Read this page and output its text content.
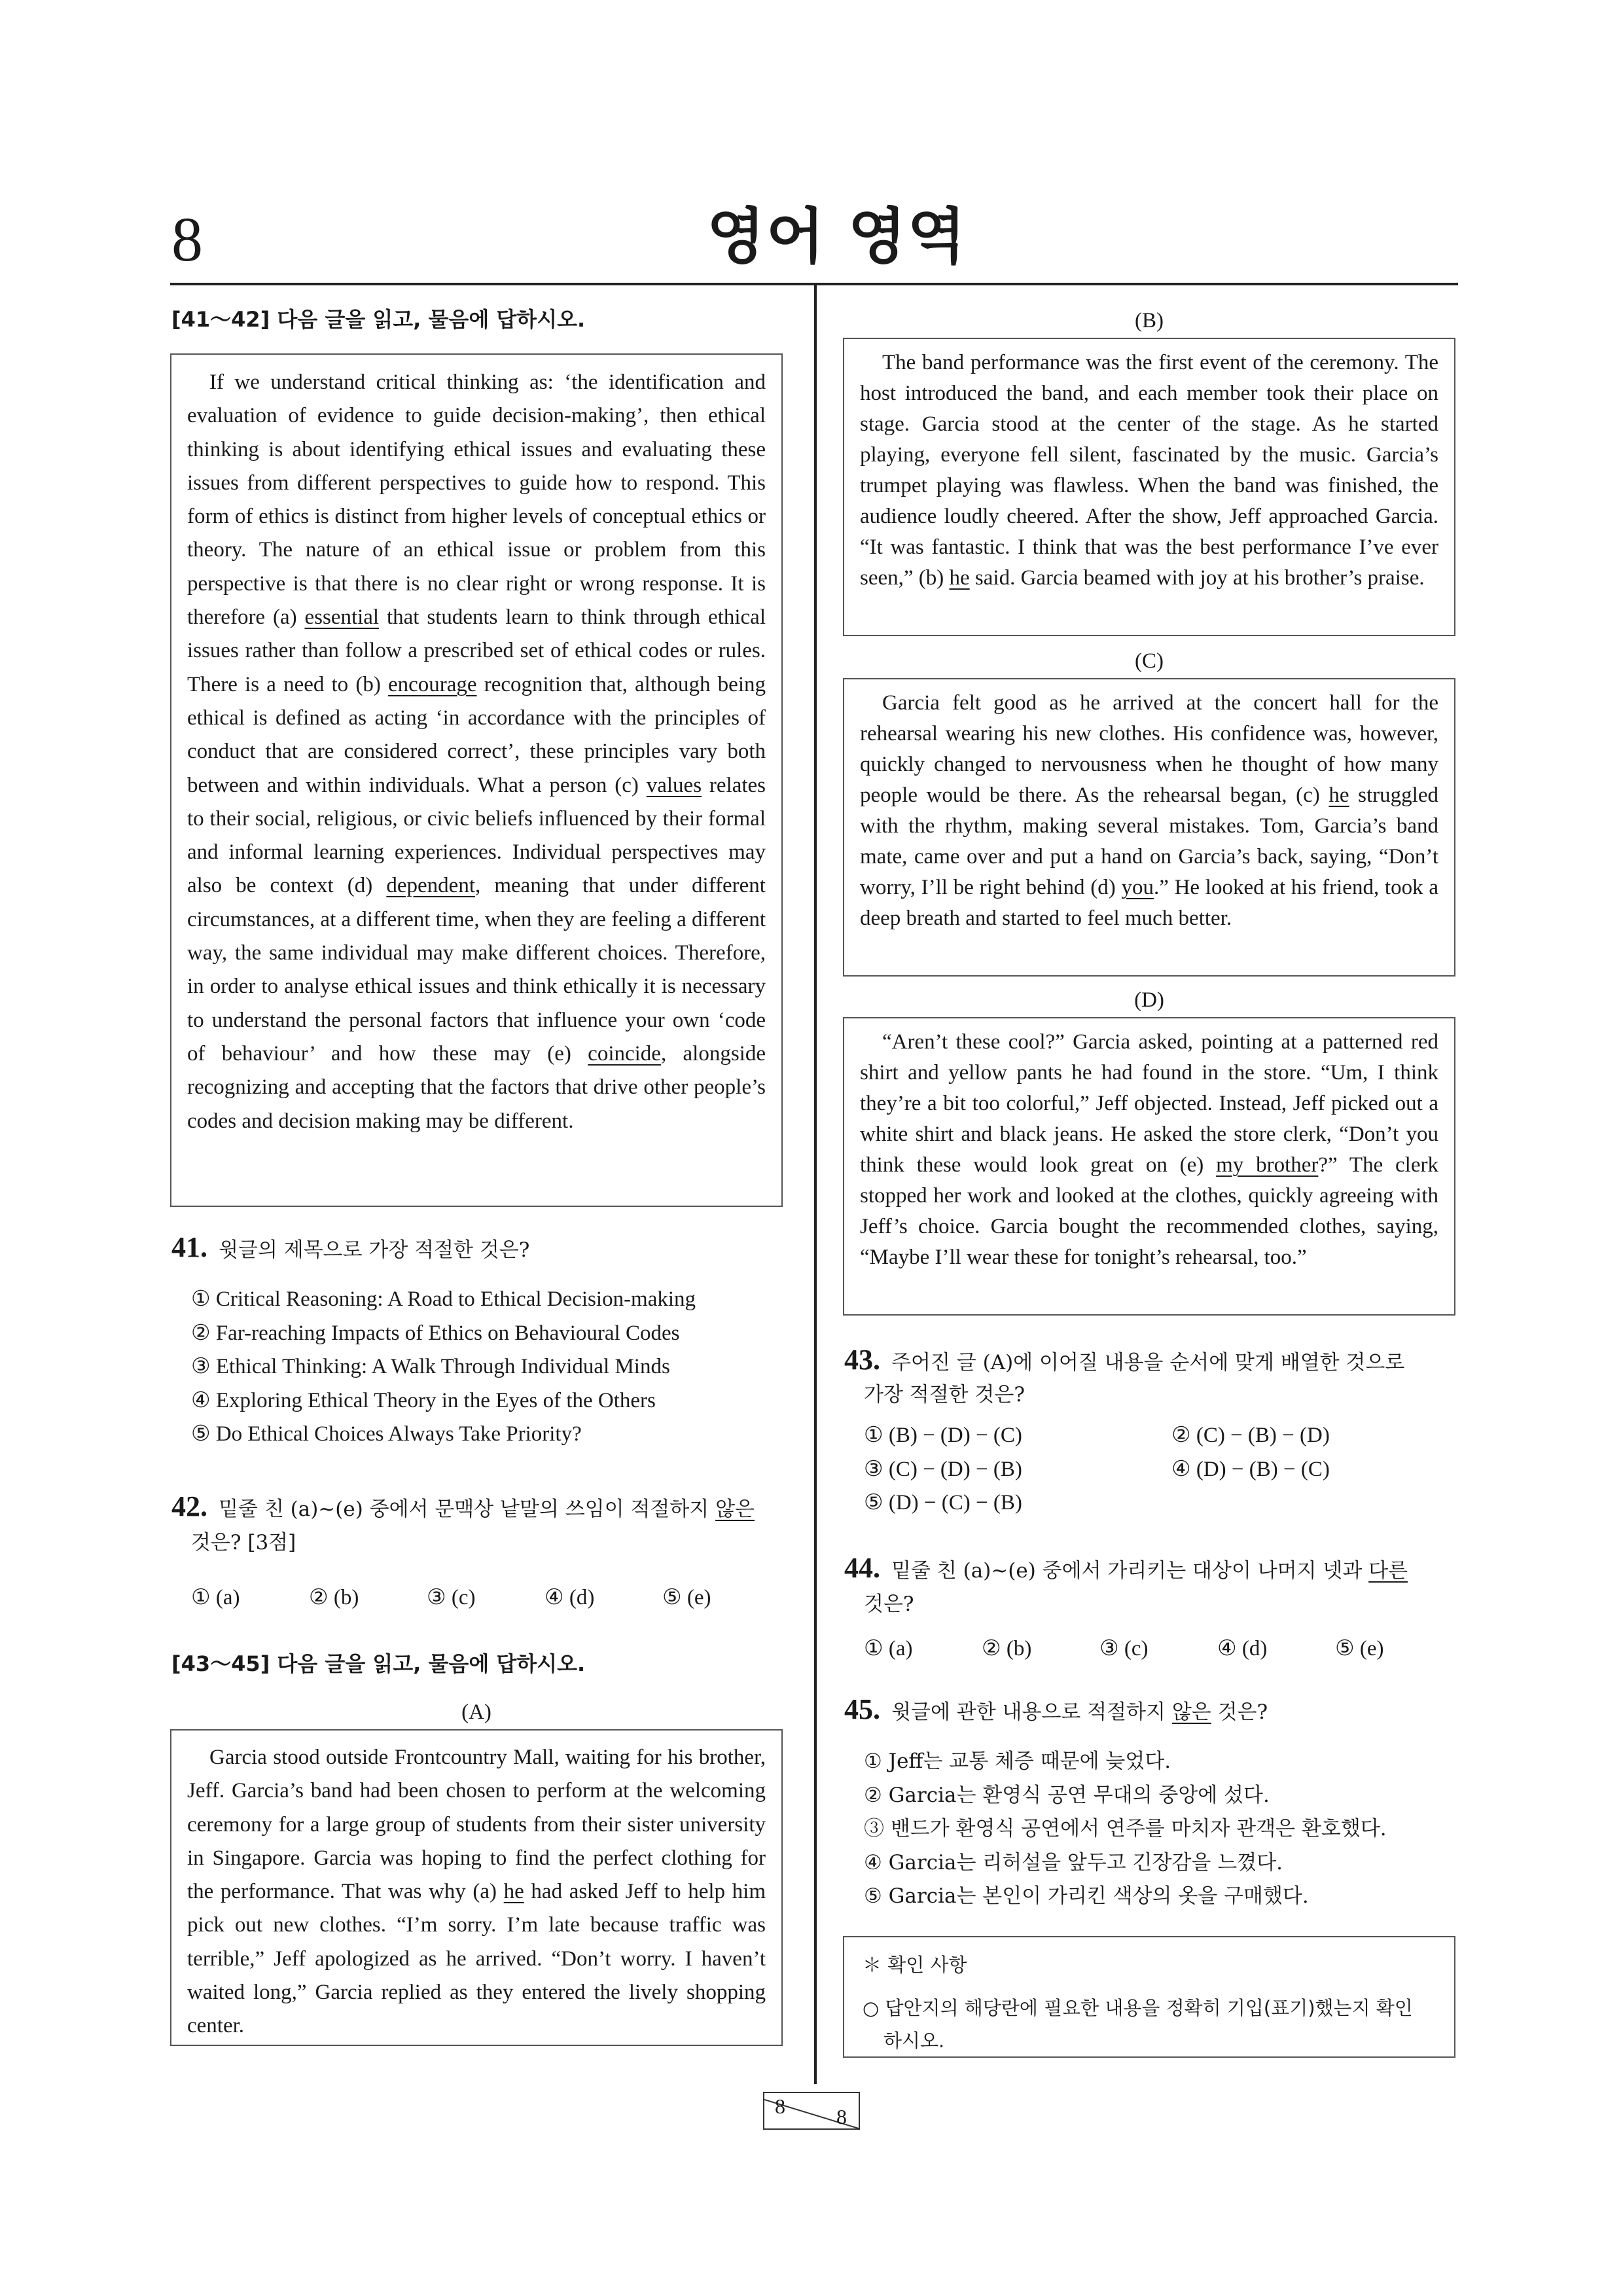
8	영어 영역
[41～42] 다음 글을 읽고, 물음에 답하시오.
If we understand critical thinking as: ‘the identification and evaluation of evidence to guide decision-making’, then ethical thinking is about identifying ethical issues and evaluating these issues from different perspectives to guide how to respond. This form of ethics is distinct from higher levels of conceptual ethics or theory. The nature of an ethical issue or problem from this perspective is that there is no clear right or wrong response. It is therefore (a) essential that students learn to think through ethical issues rather than follow a prescribed set of ethical codes or rules. There is a need to (b) encourage recognition that, although being ethical is defined as acting ‘in accordance with the principles of conduct that are considered correct’, these principles vary both between and within individuals. What a person (c) values relates to their social, religious, or civic beliefs influenced by their formal and informal learning experiences. Individual perspectives may also be context (d) dependent, meaning that under different circumstances, at a different time, when they are feeling a different way, the same individual may make different choices. Therefore, in order to analyse ethical issues and think ethically it is necessary to understand the personal factors that influence your own ‘code of behaviour’ and how these may (e) coincide, alongside recognizing and accepting that the factors that drive other people’s codes and decision making may be different.
41. 윗글의 제목으로 가장 적절한 것은?
① Critical Reasoning: A Road to Ethical Decision-making
② Far-reaching Impacts of Ethics on Behavioural Codes
③ Ethical Thinking: A Walk Through Individual Minds
④ Exploring Ethical Theory in the Eyes of the Others
⑤ Do Ethical Choices Always Take Priority?
42. 밑줄 친 (a)~(e) 중에서 문맥상 낱말의 쓰임이 적절하지 않은
것은? [3점]
① (a)	② (b)	③ (c)	④ (d)	⑤ (e)
[43～45] 다음 글을 읽고, 물음에 답하시오.
(A)
Garcia stood outside Frontcountry Mall, waiting for his brother, Jeff. Garcia’s band had been chosen to perform at the welcoming ceremony for a large group of students from their sister university in Singapore. Garcia was hoping to find the perfect clothing for the performance. That was why (a) he had asked Jeff to help him pick out new clothes. “I’m sorry. I’m late because traffic was terrible,” Jeff apologized as he arrived. “Don’t worry. I haven’t waited long,” Garcia replied as they entered the lively shopping center.
(B)
The band performance was the first event of the ceremony. The host introduced the band, and each member took their place on stage. Garcia stood at the center of the stage. As he started playing, everyone fell silent, fascinated by the music. Garcia’s trumpet playing was flawless. When the band was finished, the audience loudly cheered. After the show, Jeff approached Garcia. “It was fantastic. I think that was the best performance I’ve ever seen,” (b) he said. Garcia beamed with joy at his brother’s praise.
(C)
Garcia felt good as he arrived at the concert hall for the rehearsal wearing his new clothes. His confidence was, however, quickly changed to nervousness when he thought of how many people would be there. As the rehearsal began, (c) he struggled with the rhythm, making several mistakes. Tom, Garcia’s band mate, came over and put a hand on Garcia’s back, saying, “Don’t worry, I’ll be right behind (d) you.” He looked at his friend, took a deep breath and started to feel much better.
(D)
“Aren’t these cool?” Garcia asked, pointing at a patterned red shirt and yellow pants he had found in the store. “Um, I think they’re a bit too colorful,” Jeff objected. Instead, Jeff picked out a white shirt and black jeans. He asked the store clerk, “Don’t you think these would look great on (e) my brother?” The clerk stopped her work and looked at the clothes, quickly agreeing with Jeff’s choice. Garcia bought the recommended clothes, saying, “Maybe I’ll wear these for tonight’s rehearsal, too.”
43. 주어진 글 (A)에 이어질 내용을 순서에 맞게 배열한 것으로
가장 적절한 것은?
① (B) − (D) − (C)
③ (C) − (D) − (B)
⑤ (D) − (C) − (B)
② (C) − (B) − (D)
④ (D) − (B) − (C)
44. 밑줄 친 (a)~(e) 중에서 가리키는 대상이 나머지 넷과 다른
것은?
① (a)	② (b)	③ (c)	④ (d)	⑤ (e)
45. 윗글에 관한 내용으로 적절하지 않은 것은?
① Jeff는 교통 체증 때문에 늦었다.
② Garcia는 환영식 공연 무대의 중앙에 섰다.
③ 밴드가 환영식 공연에서 연주를 마치자 관객은 환호했다.
④ Garcia는 리허설을 앞두고 긴장감을 느꼈다.
⑤ Garcia는 본인이 가리킨 색상의 옷을 구매했다.
＊ 확인 사항
○ 답안지의 해당란에 필요한 내용을 정확히 기입(표기)했는지 확인
하시오.
8 8
